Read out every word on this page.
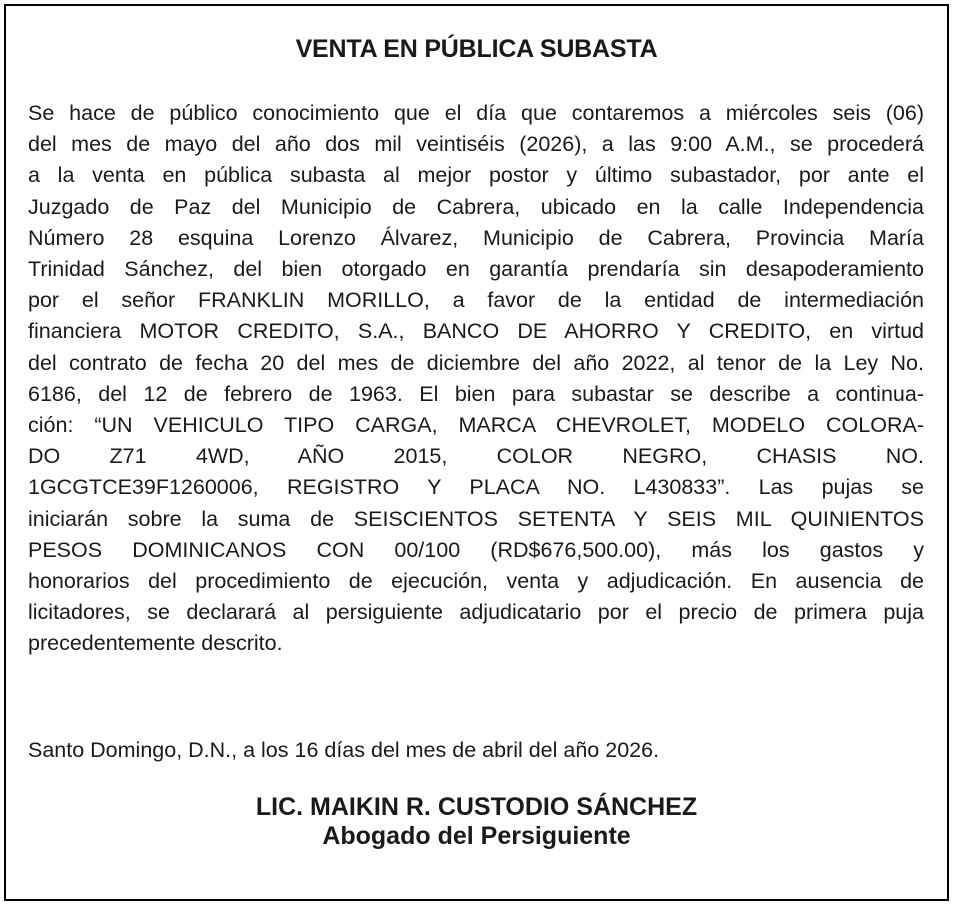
VENTA EN PÚBLICA SUBASTA
Se hace de público conocimiento que el día que contaremos a miércoles seis (06)
del mes de mayo del año dos mil veintiséis (2026), a las 9:00 A.M., se procederá
a la venta en pública subasta al mejor postor y último subastador, por ante el
Juzgado de Paz del Municipio de Cabrera, ubicado en la calle Independencia
Número 28 esquina Lorenzo Álvarez, Municipio de Cabrera, Provincia María
Trinidad Sánchez, del bien otorgado en garantía prendaría sin desapoderamiento
por el señor FRANKLIN MORILLO, a favor de la entidad de intermediación
financiera MOTOR CREDITO, S.A., BANCO DE AHORRO Y CREDITO, en virtud
del contrato de fecha 20 del mes de diciembre del año 2022, al tenor de la Ley No.
6186, del 12 de febrero de 1963. El bien para subastar se describe a continua-
ción: “UN VEHICULO TIPO CARGA, MARCA CHEVROLET, MODELO COLORA-
DO Z71 4WD, AÑO 2015, COLOR NEGRO, CHASIS NO.
1GCGTCE39F1260006, REGISTRO Y PLACA NO. L430833”. Las pujas se
iniciarán sobre la suma de SEISCIENTOS SETENTA Y SEIS MIL QUINIENTOS
PESOS DOMINICANOS CON 00/100 (RD$676,500.00), más los gastos y
honorarios del procedimiento de ejecución, venta y adjudicación. En ausencia de
licitadores, se declarará al persiguiente adjudicatario por el precio de primera puja
precedentemente descrito.
Santo Domingo, D.N., a los 16 días del mes de abril del año 2026.
LIC. MAIKIN R. CUSTODIO SÁNCHEZ
Abogado del Persiguiente
